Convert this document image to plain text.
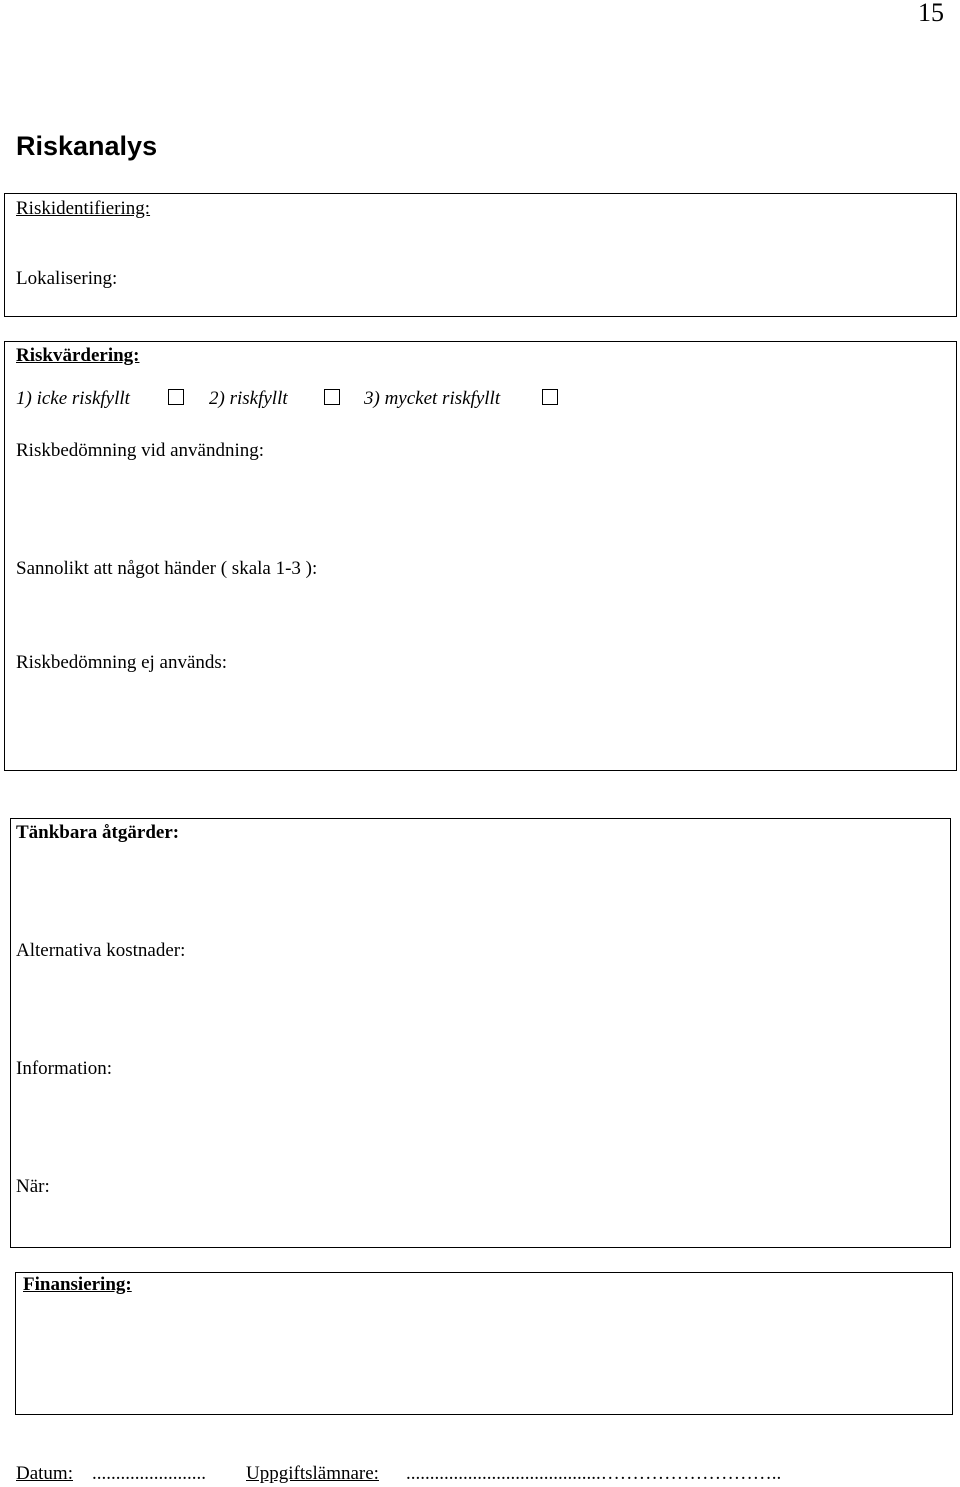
15
Riskanalys
Riskidentifiering:
Lokalisering:
Riskvärdering:
1) icke riskfyllt	2) riskfyllt	3) mycket riskfyllt
Riskbedömning vid användning:
Sannolikt att något händer ( skala 1-3 ):
Riskbedömning ej används:
Tänkbara åtgärder:
Alternativa kostnader:
Information:
När:
Finansiering:
Datum: ........................ Uppgiftslämnare: .........................................………………………..
